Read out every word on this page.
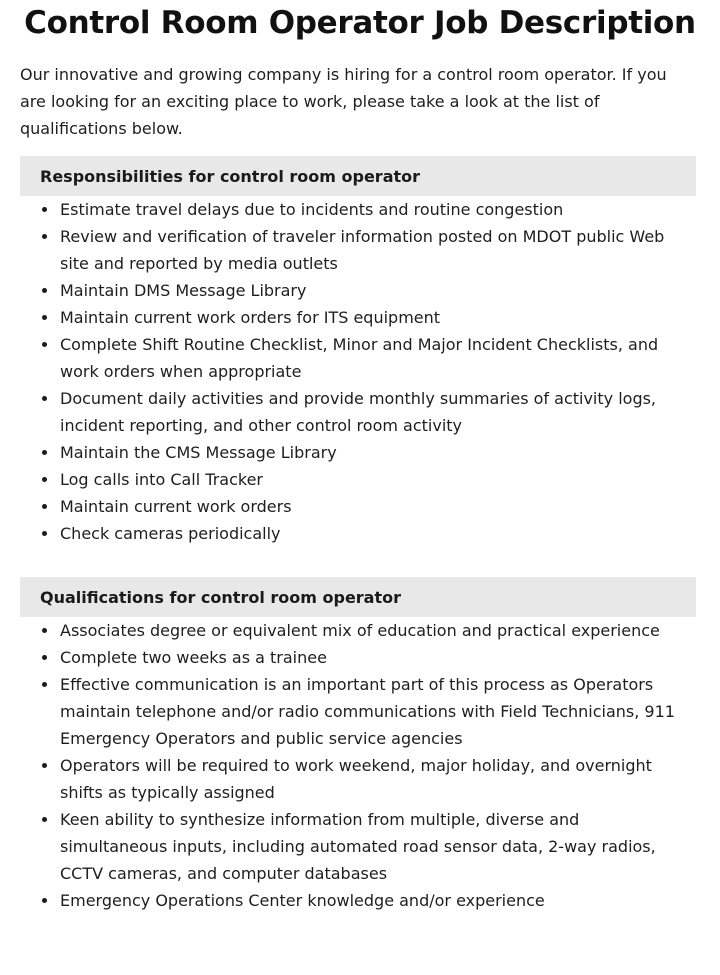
Control Room Operator Job Description

Our innovative and growing company is hiring for a control room operator. If you are looking for an exciting place to work, please take a look at the list of qualifications below.

Responsibilities for control room operator
Estimate travel delays due to incidents and routine congestion
Review and verification of traveler information posted on MDOT public Web site and reported by media outlets
Maintain DMS Message Library
Maintain current work orders for ITS equipment
Complete Shift Routine Checklist, Minor and Major Incident Checklists, and work orders when appropriate
Document daily activities and provide monthly summaries of activity logs, incident reporting, and other control room activity
Maintain the CMS Message Library
Log calls into Call Tracker
Maintain current work orders
Check cameras periodically
Qualifications for control room operator
Associates degree or equivalent mix of education and practical experience
Complete two weeks as a trainee
Effective communication is an important part of this process as Operators maintain telephone and/or radio communications with Field Technicians, 911 Emergency Operators and public service agencies
Operators will be required to work weekend, major holiday, and overnight shifts as typically assigned
Keen ability to synthesize information from multiple, diverse and simultaneous inputs, including automated road sensor data, 2-way radios, CCTV cameras, and computer databases
Emergency Operations Center knowledge and/or experience
